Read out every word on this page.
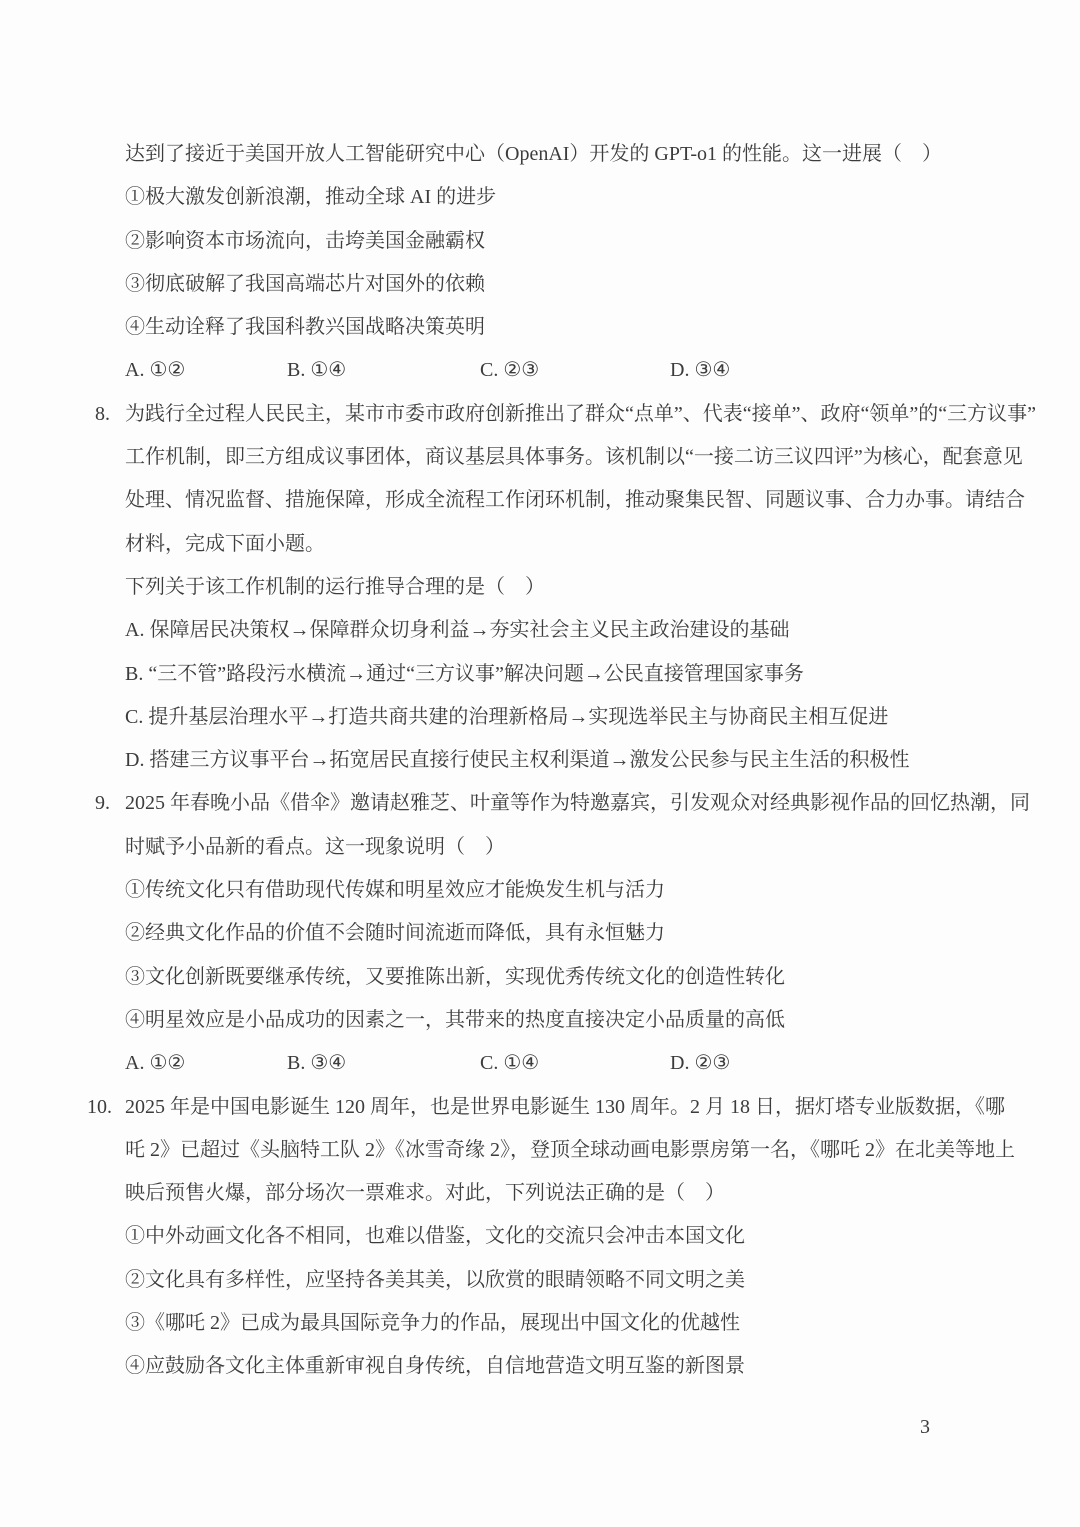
达到了接近于美国开放人工智能研究中心（OpenAI）开发的 GPT-o1 的性能。这一进展（　）
①极大激发创新浪潮，推动全球 AI 的进步
②影响资本市场流向，击垮美国金融霸权
③彻底破解了我国高端芯片对国外的依赖
④生动诠释了我国科教兴国战略决策英明
A. ①②	B. ①④	C. ②③	D. ③④
8. 为践行全过程人民民主，某市市委市政府创新推出了群众“点单”、代表“接单”、政府“领单”的“三方议事”
工作机制，即三方组成议事团体，商议基层具体事务。该机制以“一接二访三议四评”为核心，配套意见
处理、情况监督、措施保障，形成全流程工作闭环机制，推动聚集民智、同题议事、合力办事。请结合
材料，完成下面小题。
下列关于该工作机制的运行推导合理的是（　）
A. 保障居民决策权→保障群众切身利益→夯实社会主义民主政治建设的基础
B. “三不管”路段污水横流→通过“三方议事”解决问题→公民直接管理国家事务
C. 提升基层治理水平→打造共商共建的治理新格局→实现选举民主与协商民主相互促进
D. 搭建三方议事平台→拓宽居民直接行使民主权利渠道→激发公民参与民主生活的积极性
9. 2025 年春晚小品《借伞》邀请赵雅芝、叶童等作为特邀嘉宾，引发观众对经典影视作品的回忆热潮，同
时赋予小品新的看点。这一现象说明（　）
①传统文化只有借助现代传媒和明星效应才能焕发生机与活力
②经典文化作品的价值不会随时间流逝而降低，具有永恒魅力
③文化创新既要继承传统，又要推陈出新，实现优秀传统文化的创造性转化
④明星效应是小品成功的因素之一，其带来的热度直接决定小品质量的高低
A. ①②	B. ③④	C. ①④	D. ②③
10. 2025 年是中国电影诞生 120 周年，也是世界电影诞生 130 周年。2 月 18 日，据灯塔专业版数据，《哪
吒 2》已超过《头脑特工队 2》《冰雪奇缘 2》，登顶全球动画电影票房第一名，《哪吒 2》在北美等地上
映后预售火爆，部分场次一票难求。对此，下列说法正确的是（　）
①中外动画文化各不相同，也难以借鉴，文化的交流只会冲击本国文化
②文化具有多样性，应坚持各美其美，以欣赏的眼睛领略不同文明之美
③《哪吒 2》已成为最具国际竞争力的作品，展现出中国文化的优越性
④应鼓励各文化主体重新审视自身传统，自信地营造文明互鉴的新图景
3
